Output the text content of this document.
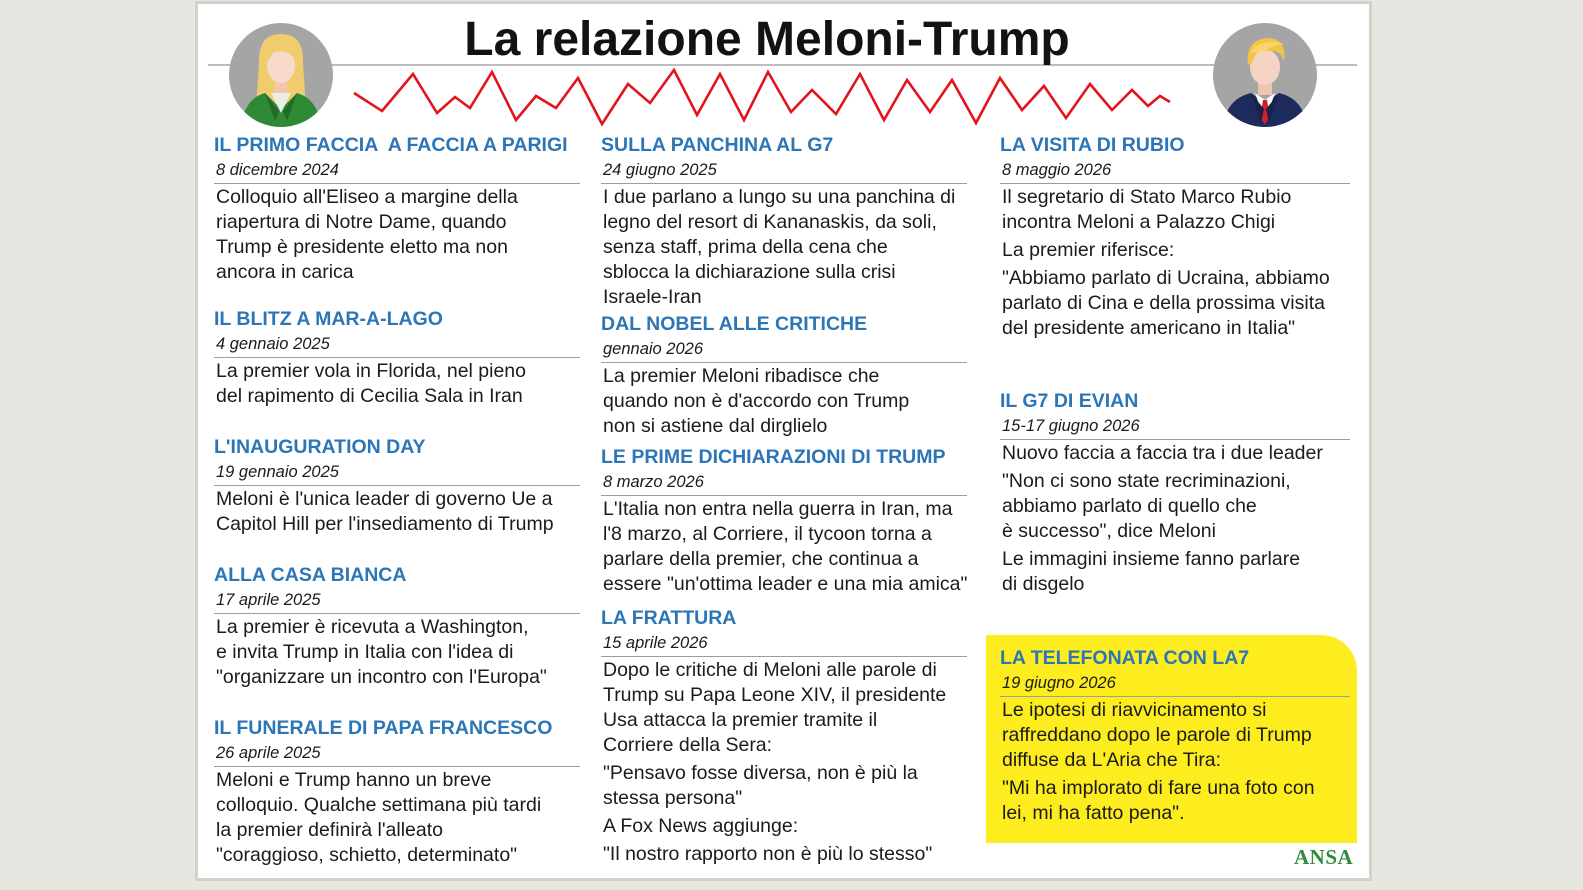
La relazione Meloni-Trump
IL PRIMO FACCIA  A FACCIA A PARIGI
8 dicembre 2024

Colloquio all'Eliseo a margine della
riapertura di Notre Dame, quando
Trump è presidente eletto ma non
ancora in carica

IL BLITZ A MAR-A-LAGO
4 gennaio 2025

La premier vola in Florida, nel pieno
del rapimento di Cecilia Sala in Iran

L'INAUGURATION DAY
19 gennaio 2025

Meloni è l'unica leader di governo Ue a
Capitol Hill per l'insediamento di Trump

ALLA CASA BIANCA
17 aprile 2025

La premier è ricevuta a Washington,
e invita Trump in Italia con l'idea di
"organizzare un incontro con l'Europa"

IL FUNERALE DI PAPA FRANCESCO
26 aprile 2025

Meloni e Trump hanno un breve
colloquio. Qualche settimana più tardi
la premier definirà l'alleato
"coraggioso, schietto, determinato"

SULLA PANCHINA AL G7
24 giugno 2025

I due parlano a lungo su una panchina di
legno del resort di Kananaskis, da soli,
senza staff, prima della cena che
sblocca la dichiarazione sulla crisi
Israele-Iran

DAL NOBEL ALLE CRITICHE
gennaio 2026

La premier Meloni ribadisce che
quando non è d'accordo con Trump
non si astiene dal dirglielo

LE PRIME DICHIARAZIONI DI TRUMP
8 marzo 2026

L'Italia non entra nella guerra in Iran, ma
l'8 marzo, al Corriere, il tycoon torna a
parlare della premier, che continua a
essere "un'ottima leader e una mia amica"

LA FRATTURA
15 aprile 2026

Dopo le critiche di Meloni alle parole di
Trump su Papa Leone XIV, il presidente
Usa attacca la premier tramite il
Corriere della Sera:

"Pensavo fosse diversa, non è più la
stessa persona"

A Fox News aggiunge:

"Il nostro rapporto non è più lo stesso"

LA VISITA DI RUBIO
8 maggio 2026

Il segretario di Stato Marco Rubio
incontra Meloni a Palazzo Chigi

La premier riferisce:

"Abbiamo parlato di Ucraina, abbiamo
parlato di Cina e della prossima visita
del presidente americano in Italia"

IL G7 DI EVIAN
15-17 giugno 2026

Nuovo faccia a faccia tra i due leader

"Non ci sono state recriminazioni,
abbiamo parlato di quello che
è successo", dice Meloni

Le immagini insieme fanno parlare
di disgelo

LA TELEFONATA CON LA7
19 giugno 2026

Le ipotesi di riavvicinamento si
raffreddano dopo le parole di Trump
diffuse da L'Aria che Tira:

"Mi ha implorato di fare una foto con
lei, mi ha fatto pena".

ANSA
